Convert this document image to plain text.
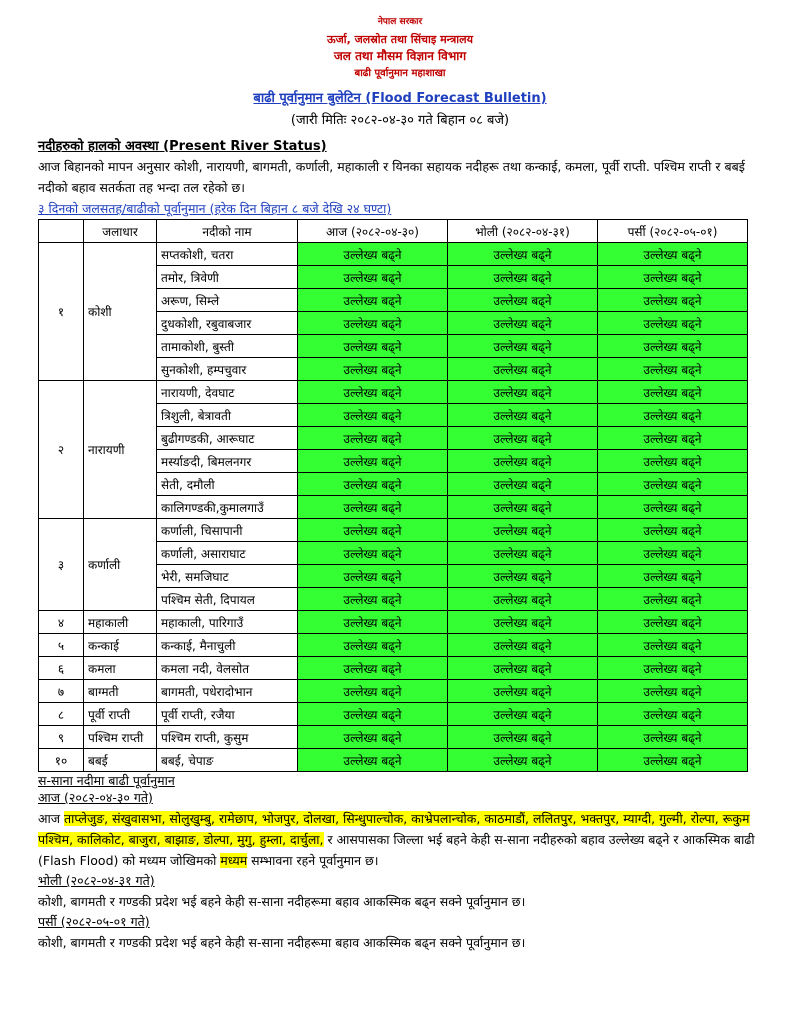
नेपाल सरकार
ऊर्जा, जलस्रोत तथा सिंचाइ मन्त्रालय
जल तथा मौसम विज्ञान विभाग
बाढी पूर्वानुमान महाशाखा
बाढी पूर्वानुमान बुलेटिन (Flood Forecast Bulletin)
(जारी मितिः २०८२-०४-३० गते बिहान ०८ बजे)
नदीहरुको हालको अवस्था (Present River Status)
आज बिहानको मापन अनुसार कोशी, नारायणी, बागमती, कर्णाली, महाकाली र यिनका सहायक नदीहरू तथा कन्काई, कमला, पूर्वी राप्ती. पश्चिम राप्ती र बबई नदीको बहाव सतर्कता तह भन्दा तल रहेको छ।
३ दिनको जलसतह/बाढीको पूर्वानुमान (हरेक दिन बिहान ८ बजे देखि २४ घण्टा)
	जलाधार	नदीको नाम	आज (२०८२-०४-३०)	भोली (२०८२-०४-३१)	पर्सी (२०८२-०५-०१)
१	कोशी	सप्तकोशी, चतरा	उल्लेख्य बढ्ने	उल्लेख्य बढ्ने	उल्लेख्य बढ्ने
		तमोर, त्रिवेणी	उल्लेख्य बढ्ने	उल्लेख्य बढ्ने	उल्लेख्य बढ्ने
		अरूण, सिम्ले	उल्लेख्य बढ्ने	उल्लेख्य बढ्ने	उल्लेख्य बढ्ने
		दुधकोशी, रबुवाबजार	उल्लेख्य बढ्ने	उल्लेख्य बढ्ने	उल्लेख्य बढ्ने
		तामाकोशी, बुस्ती	उल्लेख्य बढ्ने	उल्लेख्य बढ्ने	उल्लेख्य बढ्ने
		सुनकोशी, हम्पचुवार	उल्लेख्य बढ्ने	उल्लेख्य बढ्ने	उल्लेख्य बढ्ने
२	नारायणी	नारायणी, देवघाट	उल्लेख्य बढ्ने	उल्लेख्य बढ्ने	उल्लेख्य बढ्ने
		त्रिशुली, बेत्रावती	उल्लेख्य बढ्ने	उल्लेख्य बढ्ने	उल्लेख्य बढ्ने
		बुढीगण्डकी, आरूघाट	उल्लेख्य बढ्ने	उल्लेख्य बढ्ने	उल्लेख्य बढ्ने
		मर्स्याङदी, बिमलनगर	उल्लेख्य बढ्ने	उल्लेख्य बढ्ने	उल्लेख्य बढ्ने
		सेती, दमौली	उल्लेख्य बढ्ने	उल्लेख्य बढ्ने	उल्लेख्य बढ्ने
		कालिगण्डकी,कुमालगाउँ	उल्लेख्य बढ्ने	उल्लेख्य बढ्ने	उल्लेख्य बढ्ने
३	कर्णाली	कर्णाली, चिसापानी	उल्लेख्य बढ्ने	उल्लेख्य बढ्ने	उल्लेख्य बढ्ने
		कर्णाली, असाराघाट	उल्लेख्य बढ्ने	उल्लेख्य बढ्ने	उल्लेख्य बढ्ने
		भेरी, समजिघाट	उल्लेख्य बढ्ने	उल्लेख्य बढ्ने	उल्लेख्य बढ्ने
		पश्चिम सेती, दिपायल	उल्लेख्य बढ्ने	उल्लेख्य बढ्ने	उल्लेख्य बढ्ने
४	महाकाली	महाकाली, पारिगाउँ	उल्लेख्य बढ्ने	उल्लेख्य बढ्ने	उल्लेख्य बढ्ने
५	कन्काई	कन्काई, मैनाचुली	उल्लेख्य बढ्ने	उल्लेख्य बढ्ने	उल्लेख्य बढ्ने
६	कमला	कमला नदी, वेलसोत	उल्लेख्य बढ्ने	उल्लेख्य बढ्ने	उल्लेख्य बढ्ने
७	बाग्मती	बागमती, पधेरादोभान	उल्लेख्य बढ्ने	उल्लेख्य बढ्ने	उल्लेख्य बढ्ने
८	पूर्वी राप्ती	पूर्वी राप्ती, रजैया	उल्लेख्य बढ्ने	उल्लेख्य बढ्ने	उल्लेख्य बढ्ने
९	पश्चिम राप्ती	पश्चिम राप्ती, कुसुम	उल्लेख्य बढ्ने	उल्लेख्य बढ्ने	उल्लेख्य बढ्ने
१०	बबई	बबई, चेपाङ	उल्लेख्य बढ्ने	उल्लेख्य बढ्ने	उल्लेख्य बढ्ने
स-साना नदीमा बाढी पूर्वानुमान
आज (२०८२-०४-३० गते)
आज ताप्लेजुङ, संखुवासभा, सोलुखुम्बु, रामेछाप, भोजपुर, दोलखा, सिन्धुपाल्चोक, काभ्रेपलान्चोक, काठमाडौं, ललितपुर, भक्तपुर, म्याग्दी, गुल्मी, रोल्पा, रूकुम पश्चिम, कालिकोट, बाजुरा, बाझाङ, डोल्पा, मुगु, हुम्ला, दार्चुला, र आसपासका जिल्ला भई बहने केही स-साना नदीहरुको बहाव उल्लेख्य बढ्ने र आकस्मिक बाढी (Flash Flood) को मध्यम जोखिमको मध्यम सम्भावना रहने पूर्वानुमान छ।
भोली (२०८२-०४-३१ गते)
कोशी, बागमती र गण्डकी प्रदेश भई बहने केही स-साना नदीहरूमा बहाव आकस्मिक बढ्न सक्ने पूर्वानुमान छ।
पर्सी (२०८२-०५-०१ गते)
कोशी, बागमती र गण्डकी प्रदेश भई बहने केही स-साना नदीहरूमा बहाव आकस्मिक बढ्न सक्ने पूर्वानुमान छ।
